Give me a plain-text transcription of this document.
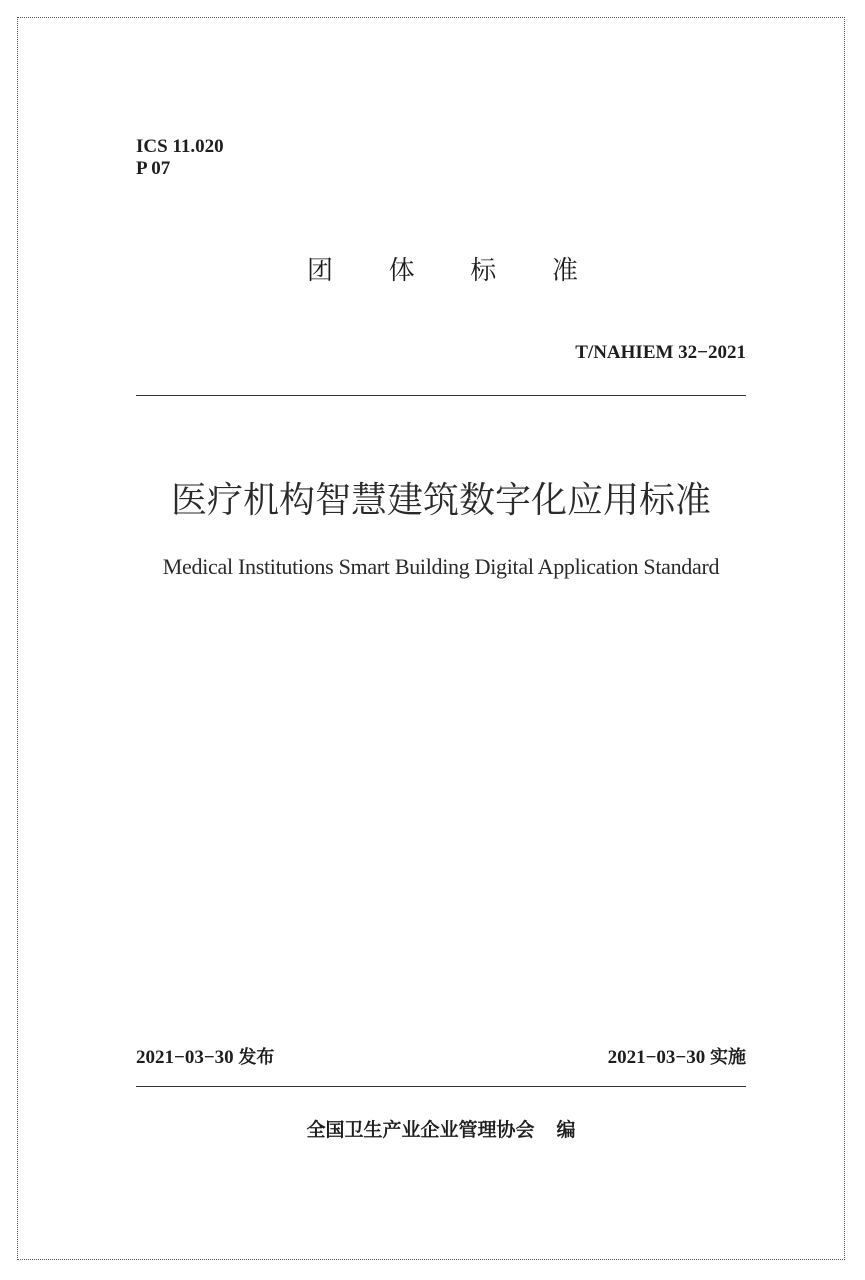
ICS 11.020
P 07
团 体 标 准
T/NAHIEM 32−2021
医疗机构智慧建筑数字化应用标准
Medical Institutions Smart Building Digital Application Standard
2021−03−30 发布	2021−03−30 实施
全国卫生产业企业管理协会 编
